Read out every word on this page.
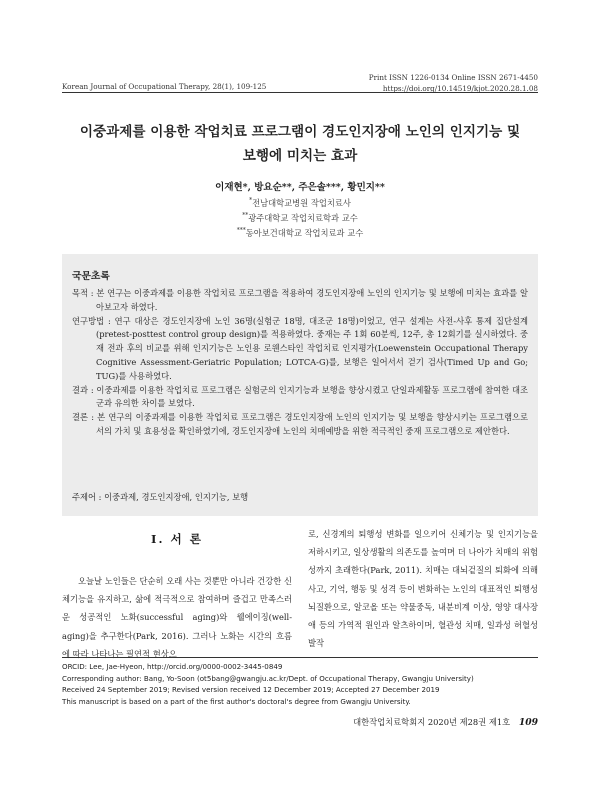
Korean Journal of Occupational Therapy, 28(1), 109-125
Print ISSN 1226-0134 Online ISSN 2671-4450
https://doi.org/10.14519/kjot.2020.28.1.08
이중과제를 이용한 작업치료 프로그램이 경도인지장애 노인의 인지기능 및
보행에 미치는 효과
이재현*, 방요순**, 주은솔***, 황민지**
*전남대학교병원 작업치료사
**광주대학교 작업치료학과 교수
***동아보건대학교 작업치료과 교수
국문초록

목적 : 본 연구는 이중과제를 이용한 작업치료 프로그램을 적용하여 경도인지장애 노인의 인지기능 및 보행에 미치는 효과를 알아보고자 하였다.

연구방법 : 연구 대상은 경도인지장애 노인 36명(실험군 18명, 대조군 18명)이었고, 연구 설계는 사전-사후 통제 집단설계(pretest-posttest control group design)를 적용하였다. 중재는 주 1회 60분씩, 12주, 총 12회기를 실시하였다. 중재 전과 후의 비교를 위해 인지기능은 노인용 로웬스타인 작업치료 인지평가(Loewenstein Occupational Therapy Cognitive Assessment-Geriatric Population; LOTCA-G)를, 보행은 일어서서 걷기 검사(Timed Up and Go; TUG)를 사용하였다.

결과 : 이중과제를 이용한 작업치료 프로그램은 실험군의 인지기능과 보행을 향상시켰고 단일과제활동 프로그램에 참여한 대조군과 유의한 차이를 보였다.

결론 : 본 연구의 이중과제를 이용한 작업치료 프로그램은 경도인지장애 노인의 인지기능 및 보행을 향상시키는 프로그램으로서의 가치 및 효용성을 확인하였기에, 경도인지장애 노인의 치매예방을 위한 적극적인 중재 프로그램으로 제안한다.

주제어 : 이중과제, 경도인지장애, 인지기능, 보행
Ⅰ. 서 론

오늘날 노인들은 단순히 오래 사는 것뿐만 아니라 건강한 신체기능을 유지하고, 삶에 적극적으로 참여하며 즐겁고 만족스러운 성공적인 노화(successful aging)와 웰에이징(well-aging)을 추구한다(Park, 2016). 그러나 노화는 시간의 흐름에 따라 나타나는 필연적 현상으

로, 신경계의 퇴행성 변화를 일으키어 신체기능 및 인지기능을 저하시키고, 일상생활의 의존도를 높여며 더 나아가 치매의 위험성까지 초래한다(Park, 2011). 치매는 대뇌겉질의 퇴화에 의해 사고, 기억, 행동 및 성격 등이 변화하는 노인의 대표적인 퇴행성 뇌질환으로, 알코올 또는 약물중독, 내분비계 이상, 영양 대사장애 등의 가역적 원인과 알츠하이머, 혈관성 치매, 일과성 허혈성 발작

ORCID: Lee, Jae-Hyeon, http://orcid.org/0000-0002-3445-0849
Corresponding author: Bang, Yo-Soon (ot5bang@gwangju.ac.kr/Dept. of Occupational Therapy, Gwangju University)
Received 24 September 2019; Revised version received 12 December 2019; Accepted 27 December 2019
This manuscript is based on a part of the first author's doctoral's degree from Gwangju University.
대한작업치료학회지 2020년 제28권 제1호 109
